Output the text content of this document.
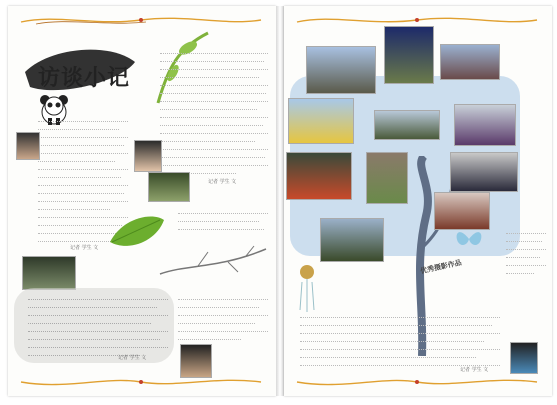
访谈小记
记者 学生 文
记者 学生 文
记者 学生 文
优秀摄影作品
记者 学生 文
